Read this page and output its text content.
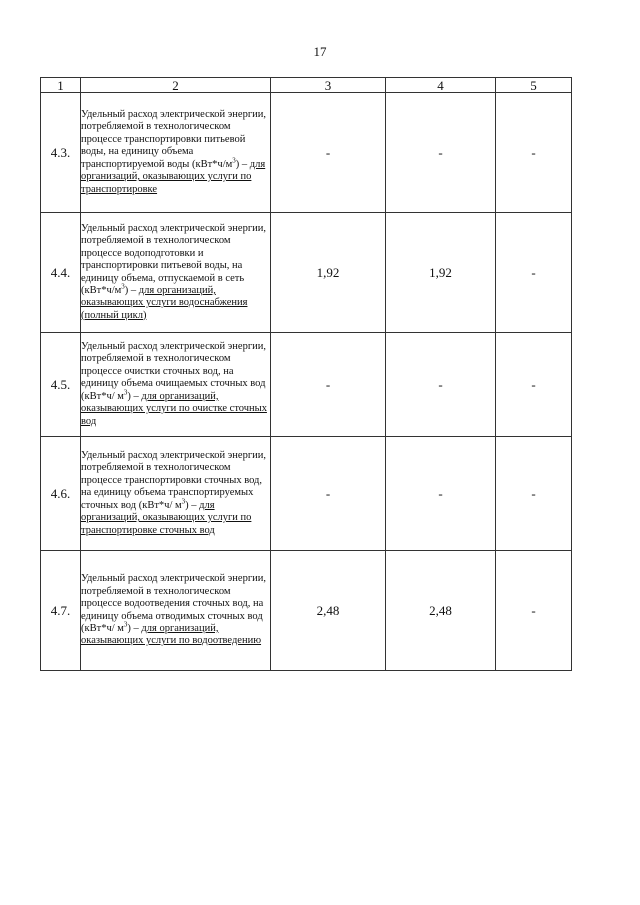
17
1	2	3	4	5
4.3.	Удельный расход электрической энергии, потребляемой в технологическом процессе транспортировки питьевой воды, на единицу объема транспортируемой воды $(кВт*ч/м^3)$ – для организаций, оказывающих услуги по транспортировке	-	-	-
4.4.	Удельный расход электрической энергии, потребляемой в технологическом процессе водоподготовки и транспортировки питьевой воды, на единицу объема, отпускаемой в сеть $(кВт*ч/м^3)$ – для организаций, оказывающих услуги водоснабжения (полный цикл)	1,92	1,92	-
4.5.	Удельный расход электрической энергии, потребляемой в технологическом процессе очистки сточных вод, на единицу объема очищаемых сточных вод (кВт*ч/ $м^3$) – для организаций, оказывающих услуги по очистке сточных вод	-	-	-
4.6.	Удельный расход электрической энергии, потребляемой в технологическом процессе транспортировки сточных вод, на единицу объема транспортируемых сточных вод (кВт*ч/ $м^3$) – для организаций, оказывающих услуги по транспортировке сточных вод	-	-	-
4.7.	Удельный расход электрической энергии, потребляемой в технологическом процессе водоотведения сточных вод, на единицу объема отводимых сточных вод (кВт*ч/ $м^3$) – для организаций, оказывающих услуги по водоотведению	2,48	2,48	-
